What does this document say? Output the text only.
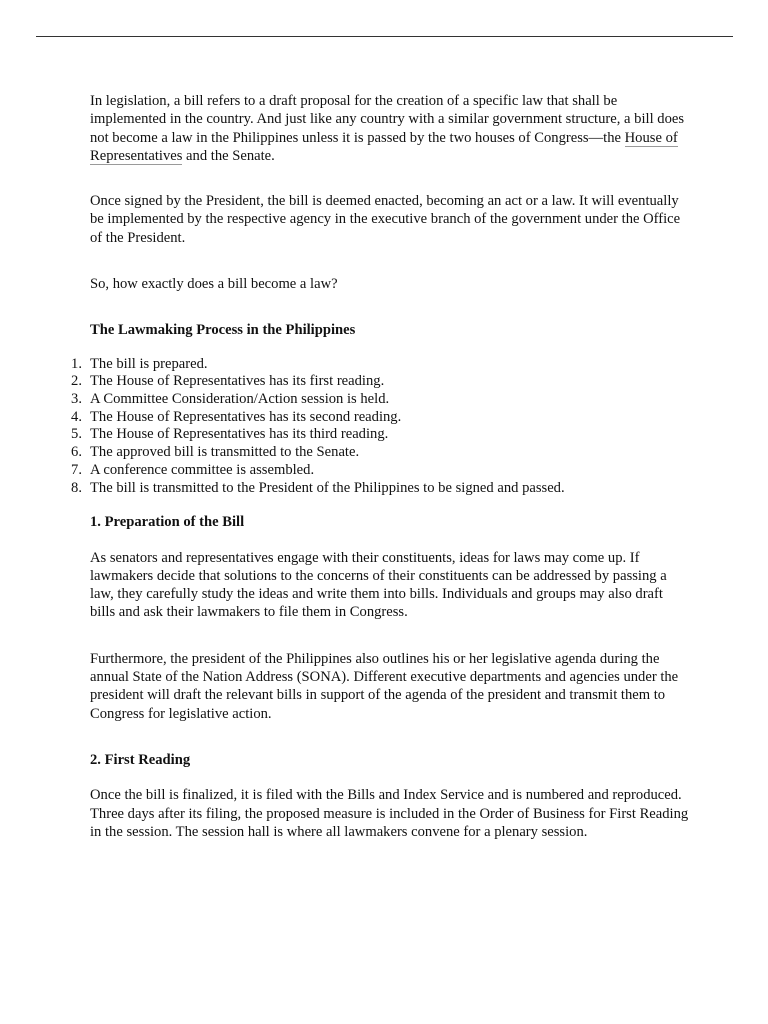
In legislation, a bill refers to a draft proposal for the creation of a specific law that shall be implemented in the country. And just like any country with a similar government structure, a bill does not become a law in the Philippines unless it is passed by the two houses of Congress—the House of Representatives and the Senate.

Once signed by the President, the bill is deemed enacted, becoming an act or a law. It will eventually be implemented by the respective agency in the executive branch of the government under the Office of the President.

So, how exactly does a bill become a law?

The Lawmaking Process in the Philippines

1. The bill is prepared.
2. The House of Representatives has its first reading.
3. A Committee Consideration/Action session is held.
4. The House of Representatives has its second reading.
5. The House of Representatives has its third reading.
6. The approved bill is transmitted to the Senate.
7. A conference committee is assembled.
8. The bill is transmitted to the President of the Philippines to be signed and passed.

1. Preparation of the Bill

As senators and representatives engage with their constituents, ideas for laws may come up. If lawmakers decide that solutions to the concerns of their constituents can be addressed by passing a law, they carefully study the ideas and write them into bills. Individuals and groups may also draft bills and ask their lawmakers to file them in Congress.

Furthermore, the president of the Philippines also outlines his or her legislative agenda during the annual State of the Nation Address (SONA). Different executive departments and agencies under the president will draft the relevant bills in support of the agenda of the president and transmit them to Congress for legislative action.

2. First Reading

Once the bill is finalized, it is filed with the Bills and Index Service and is numbered and reproduced. Three days after its filing, the proposed measure is included in the Order of Business for First Reading in the session. The session hall is where all lawmakers convene for a plenary session.
